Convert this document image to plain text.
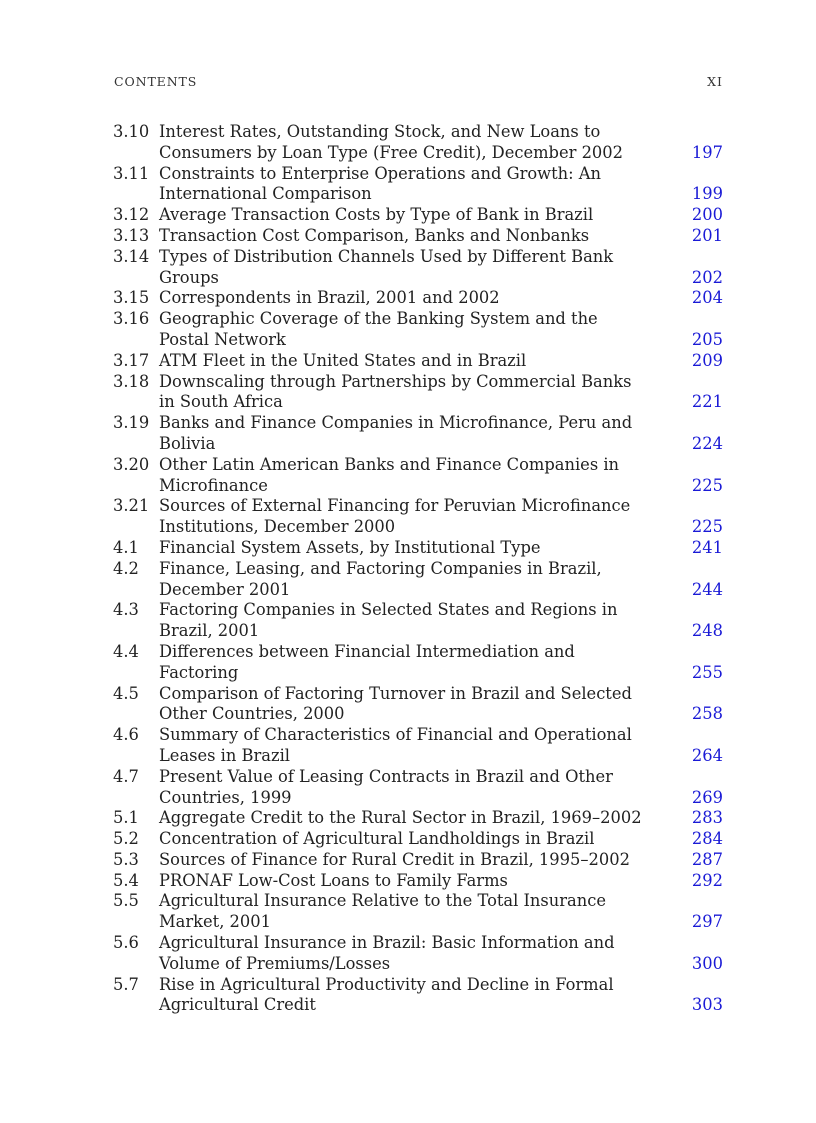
CONTENTS	XI
3.10 Interest Rates, Outstanding Stock, and New Loans to Consumers by Loan Type (Free Credit), December 2002	197
3.11 Constraints to Enterprise Operations and Growth: An International Comparison	199
3.12 Average Transaction Costs by Type of Bank in Brazil	200
3.13 Transaction Cost Comparison, Banks and Nonbanks	201
3.14 Types of Distribution Channels Used by Different Bank Groups	202
3.15 Correspondents in Brazil, 2001 and 2002	204
3.16 Geographic Coverage of the Banking System and the Postal Network	205
3.17 ATM Fleet in the United States and in Brazil	209
3.18 Downscaling through Partnerships by Commercial Banks in South Africa	221
3.19 Banks and Finance Companies in Microfinance, Peru and Bolivia	224
3.20 Other Latin American Banks and Finance Companies in Microfinance	225
3.21 Sources of External Financing for Peruvian Microfinance Institutions, December 2000	225
4.1 Financial System Assets, by Institutional Type	241
4.2 Finance, Leasing, and Factoring Companies in Brazil, December 2001	244
4.3 Factoring Companies in Selected States and Regions in Brazil, 2001	248
4.4 Differences between Financial Intermediation and Factoring	255
4.5 Comparison of Factoring Turnover in Brazil and Selected Other Countries, 2000	258
4.6 Summary of Characteristics of Financial and Operational Leases in Brazil	264
4.7 Present Value of Leasing Contracts in Brazil and Other Countries, 1999	269
5.1 Aggregate Credit to the Rural Sector in Brazil, 1969–2002	283
5.2 Concentration of Agricultural Landholdings in Brazil	284
5.3 Sources of Finance for Rural Credit in Brazil, 1995–2002	287
5.4 PRONAF Low-Cost Loans to Family Farms	292
5.5 Agricultural Insurance Relative to the Total Insurance Market, 2001	297
5.6 Agricultural Insurance in Brazil: Basic Information and Volume of Premiums/Losses	300
5.7 Rise in Agricultural Productivity and Decline in Formal Agricultural Credit	303
